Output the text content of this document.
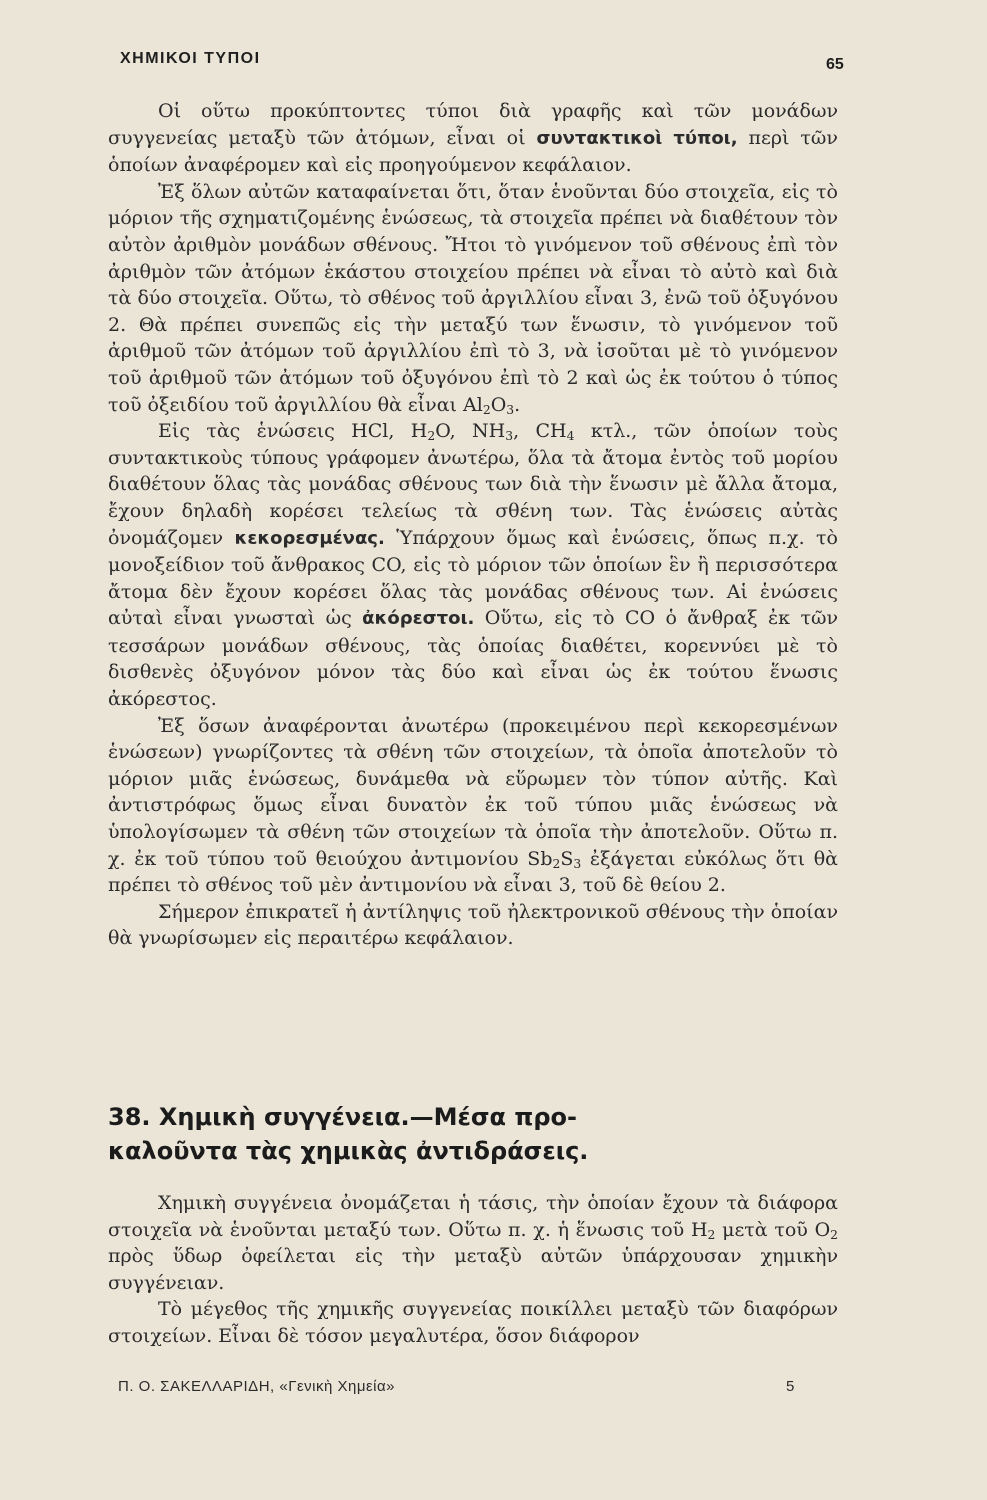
ΧΗΜΙΚΟΙ ΤΥΠΟΙ	65

Οἱ οὕτω προκύπτοντες τύποι διὰ γραφῆς καὶ τῶν μονάδων συγγενείας μεταξὺ τῶν ἀτόμων, εἶναι οἱ συντακτικοὶ τύποι, περὶ τῶν ὁποίων ἀναφέρομεν καὶ εἰς προηγούμενον κεφάλαιον.

Ἐξ ὅλων αὐτῶν καταφαίνεται ὅτι, ὅταν ἑνοῦνται δύο στοιχεῖα, εἰς τὸ μόριον τῆς σχηματιζομένης ἑνώσεως, τὰ στοιχεῖα πρέπει νὰ διαθέτουν τὸν αὐτὸν ἀριθμὸν μονάδων σθένους. Ἤτοι τὸ γινόμενον τοῦ σθένους ἐπὶ τὸν ἀριθμὸν τῶν ἀτόμων ἑκάστου στοιχείου πρέπει νὰ εἶναι τὸ αὐτὸ καὶ διὰ τὰ δύο στοιχεῖα. Οὕτω, τὸ σθένος τοῦ ἀργιλλίου εἶναι 3, ἐνῶ τοῦ ὀξυγόνου 2. Θὰ πρέπει συνεπῶς εἰς τὴν μεταξύ των ἕνωσιν, τὸ γινόμενον τοῦ ἀριθμοῦ τῶν ἀτόμων τοῦ ἀργιλλίου ἐπὶ τὸ 3, νὰ ἰσοῦται μὲ τὸ γινόμενον τοῦ ἀριθμοῦ τῶν ἀτόμων τοῦ ὀξυγόνου ἐπὶ τὸ 2 καὶ ὡς ἐκ τούτου ὁ τύπος τοῦ ὀξειδίου τοῦ ἀργιλλίου θὰ εἶναι $Al_2O_3$.

Εἰς τὰς ἑνώσεις HCl, $H_2O$, $NH_3$, $CH_4$ κτλ., τῶν ὁποίων τοὺς συντακτικοὺς τύπους γράφομεν ἀνωτέρω, ὅλα τὰ ἄτομα ἐντὸς τοῦ μορίου διαθέτουν ὅλας τὰς μονάδας σθένους των διὰ τὴν ἕνωσιν μὲ ἄλλα ἄτομα, ἔχουν δηλαδὴ κορέσει τελείως τὰ σθένη των. Τὰς ἑνώσεις αὐτὰς ὀνομάζομεν κεκορεσμένας. Ὑπάρχουν ὅμως καὶ ἑνώσεις, ὅπως π.χ. τὸ μονοξείδιον τοῦ ἄνθρακος CO, εἰς τὸ μόριον τῶν ὁποίων ἓν ἢ περισσότερα ἄτομα δὲν ἔχουν κορέσει ὅλας τὰς μονάδας σθένους των. Αἱ ἑνώσεις αὐταὶ εἶναι γνωσταὶ ὡς ἀκόρεστοι. Οὕτω, εἰς τὸ CO ὁ ἄνθραξ ἐκ τῶν τεσσάρων μονάδων σθένους, τὰς ὁποίας διαθέτει, κορεννύει μὲ τὸ δισθενὲς ὀξυγόνον μόνον τὰς δύο καὶ εἶναι ὡς ἐκ τούτου ἕνωσις ἀκόρεστος.

Ἐξ ὅσων ἀναφέρονται ἀνωτέρω (προκειμένου περὶ κεκορεσμένων ἑνώσεων) γνωρίζοντες τὰ σθένη τῶν στοιχείων, τὰ ὁποῖα ἀποτελοῦν τὸ μόριον μιᾶς ἑνώσεως, δυνάμεθα νὰ εὕρωμεν τὸν τύπον αὐτῆς. Καὶ ἀντιστρόφως ὅμως εἶναι δυνατὸν ἐκ τοῦ τύπου μιᾶς ἑνώσεως νὰ ὑπολογίσωμεν τὰ σθένη τῶν στοιχείων τὰ ὁποῖα τὴν ἀποτελοῦν. Οὕτω π. χ. ἐκ τοῦ τύπου τοῦ θειούχου ἀντιμονίου $Sb_2S_3$ ἐξάγεται εὐκόλως ὅτι θὰ πρέπει τὸ σθένος τοῦ μὲν ἀντιμονίου νὰ εἶναι 3, τοῦ δὲ θείου 2.

Σήμερον ἐπικρατεῖ ἡ ἀντίληψις τοῦ ἠλεκτρονικοῦ σθένους τὴν ὁποίαν θὰ γνωρίσωμεν εἰς περαιτέρω κεφάλαιον.

38. Χημικὴ συγγένεια.—Μέσα προ-
καλοῦντα τὰς χημικὰς ἀντιδράσεις.

Χημικὴ συγγένεια ὀνομάζεται ἡ τάσις, τὴν ὁποίαν ἔχουν τὰ διάφορα στοιχεῖα νὰ ἑνοῦνται μεταξύ των. Οὕτω π. χ. ἡ ἕνωσις τοῦ $H_2$ μετὰ τοῦ $O_2$ πρὸς ὕδωρ ὀφείλεται εἰς τὴν μεταξὺ αὐτῶν ὑπάρχουσαν χημικὴν συγγένειαν.

Τὸ μέγεθος τῆς χημικῆς συγγενείας ποικίλλει μεταξὺ τῶν διαφόρων στοιχείων. Εἶναι δὲ τόσον μεγαλυτέρα, ὅσον διάφορον

Π. Ο. ΣΑΚΕΛΛΑΡΙΔΗ, «Γενικὴ Χημεία»	5
